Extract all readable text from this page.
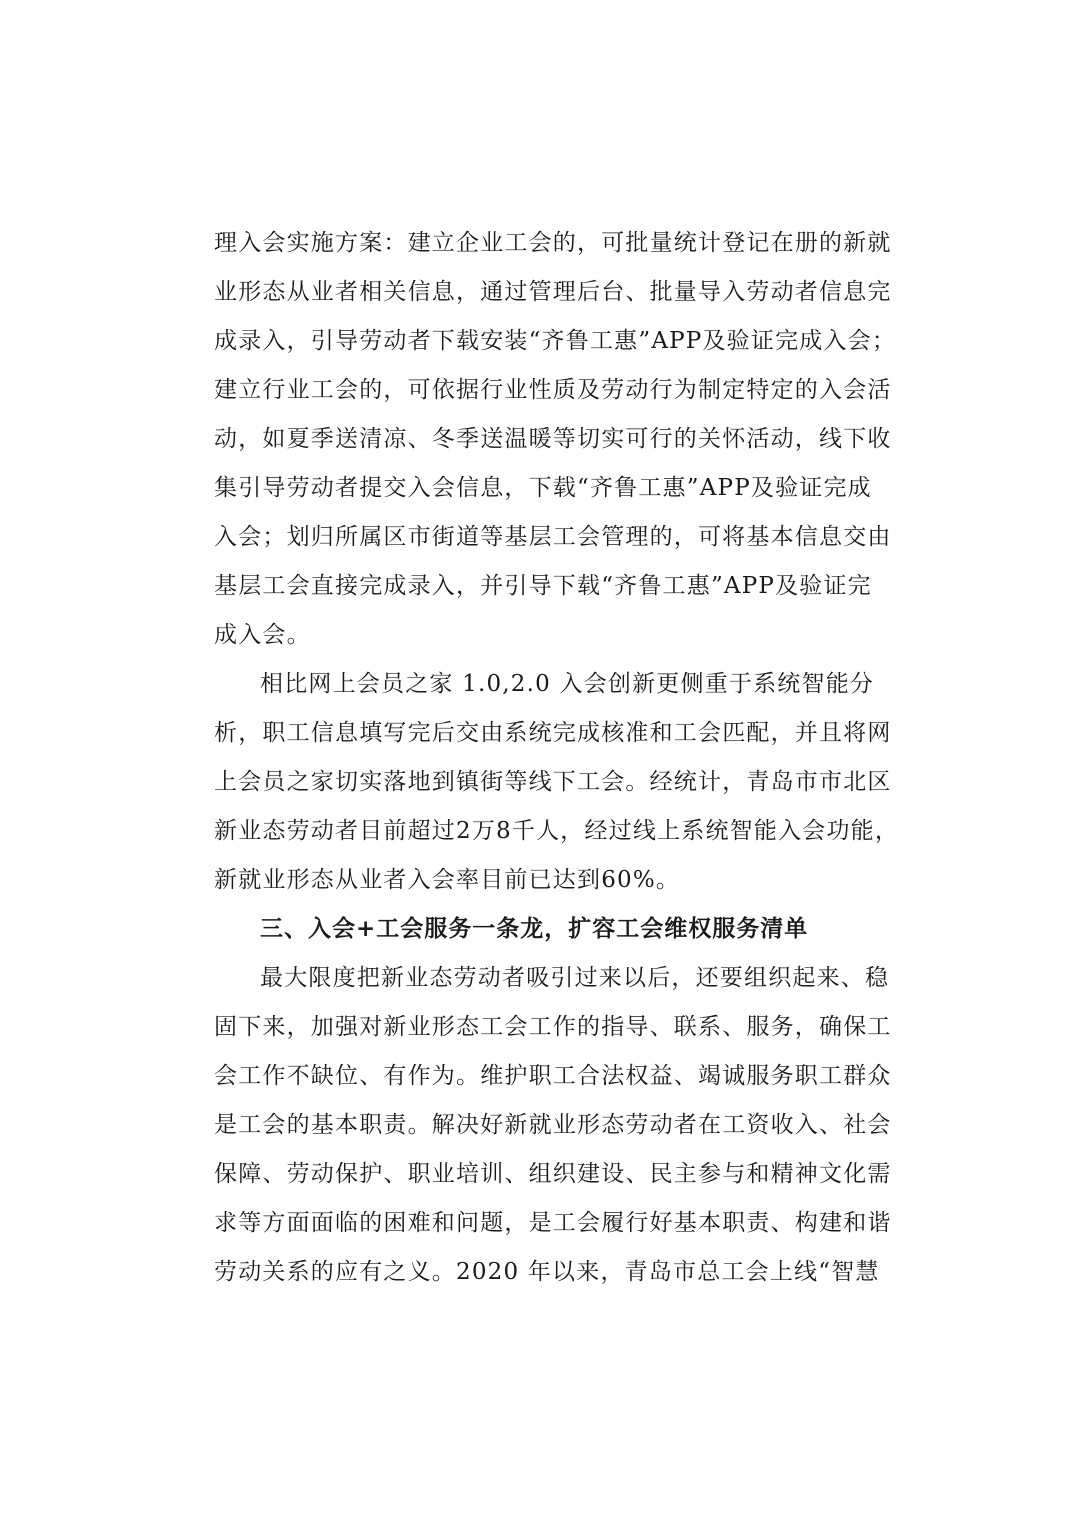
理入会实施方案：建立企业工会的，可批量统计登记在册的新就
业形态从业者相关信息，通过管理后台、批量导入劳动者信息完
成录入，引导劳动者下载安装“齐鲁工惠”APP及验证完成入会；
建立行业工会的，可依据行业性质及劳动行为制定特定的入会活
动，如夏季送清凉、冬季送温暖等切实可行的关怀活动，线下收
集引导劳动者提交入会信息，下载“齐鲁工惠”APP及验证完成
入会；划归所属区市街道等基层工会管理的，可将基本信息交由
基层工会直接完成录入，并引导下载“齐鲁工惠”APP及验证完
成入会。
相比网上会员之家 1.0,2.0 入会创新更侧重于系统智能分
析，职工信息填写完后交由系统完成核准和工会匹配，并且将网
上会员之家切实落地到镇街等线下工会。经统计，青岛市市北区
新业态劳动者目前超过2万8千人，经过线上系统智能入会功能，
新就业形态从业者入会率目前已达到60%。
三、入会+工会服务一条龙，扩容工会维权服务清单
最大限度把新业态劳动者吸引过来以后，还要组织起来、稳
固下来，加强对新业形态工会工作的指导、联系、服务，确保工
会工作不缺位、有作为。维护职工合法权益、竭诚服务职工群众
是工会的基本职责。解决好新就业形态劳动者在工资收入、社会
保障、劳动保护、职业培训、组织建设、民主参与和精神文化需
求等方面面临的困难和问题，是工会履行好基本职责、构建和谐
劳动关系的应有之义。2020 年以来，青岛市总工会上线“智慧
